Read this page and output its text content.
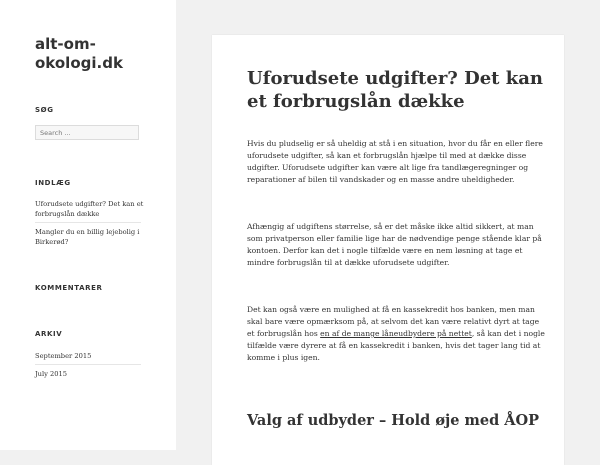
alt-om-okologi.dk
SØG
Search ...
INDLÆG
Uforudsete udgifter? Det kan et forbrugslån dække
Mangler du en billig lejebolig i Birkerød?
KOMMENTARER
ARKIV
September 2015
July 2015
Uforudsete udgifter? Det kan et forbrugslån dække

Hvis du pludselig er så uheldig at stå i en situation, hvor du får en eller flere uforudsete udgifter, så kan et forbrugslån hjælpe til med at dække disse udgifter. Uforudsete udgifter kan være alt lige fra tandlægeregninger og reparationer af bilen til vandskader og en masse andre uheldigheder.

Afhængig af udgiftens størrelse, så er det måske ikke altid sikkert, at man som privatperson eller familie lige har de nødvendige penge stående klar på kontoen. Derfor kan det i nogle tilfælde være en nem løsning at tage et mindre forbrugslån til at dække uforudsete udgifter.

Det kan også være en mulighed at få en kassekredit hos banken, men man skal bare være opmærksom på, at selvom det kan være relativt dyrt at tage et forbrugslån hos en af de mange låneudbydere på nettet, så kan det i nogle tilfælde være dyrere at få en kassekredit i banken, hvis det tager lang tid at komme i plus igen.

Valg af udbyder – Hold øje med ÅOP
